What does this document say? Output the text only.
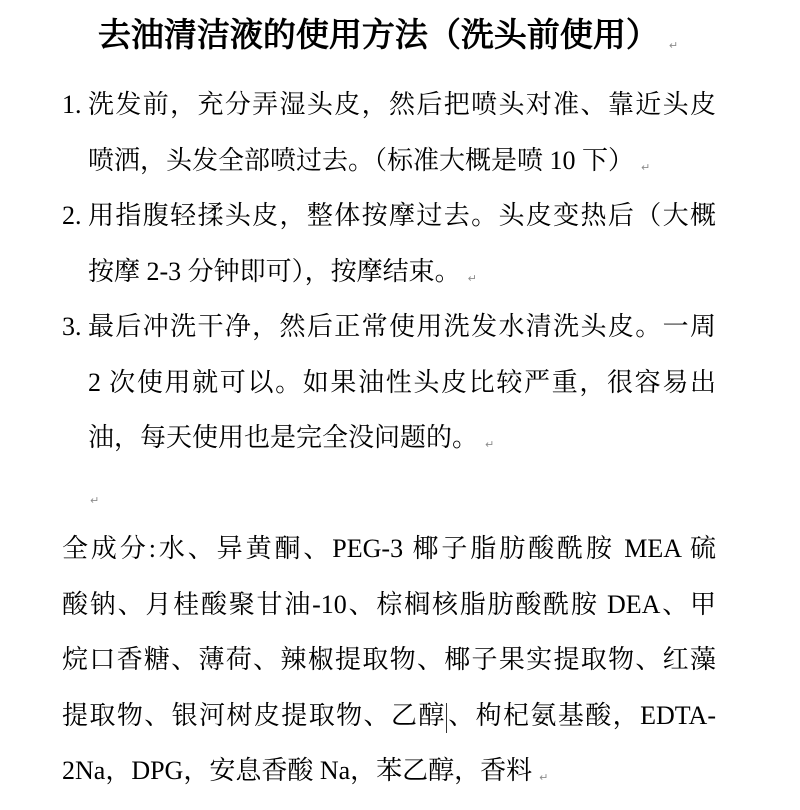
去油清洁液的使用方法（洗头前使用） ↵
1. 洗发前，充分弄湿头皮，然后把喷头对准、靠近头皮
喷洒，头发全部喷过去。（标准大概是喷 10 下） ↵
2. 用指腹轻揉头皮，整体按摩过去。头皮变热后（大概
按摩 2-3 分钟即可），按摩结束。 ↵
3. 最后冲洗干净，然后正常使用洗发水清洗头皮。一周
2 次使用就可以。如果油性头皮比较严重，很容易出
油，每天使用也是完全没问题的。 ↵
↵
全成分:水、异黄酮、PEG-3 椰子脂肪酸酰胺 MEA 硫
酸钠、月桂酸聚甘油-10、棕榈核脂肪酸酰胺 DEA、甲
烷口香糖、薄荷、辣椒提取物、椰子果实提取物、红藻
提取物、银河树皮提取物、乙醇、枸杞氨基酸，EDTA-
2Na，DPG，安息香酸 Na，苯乙醇，香料 ↵
